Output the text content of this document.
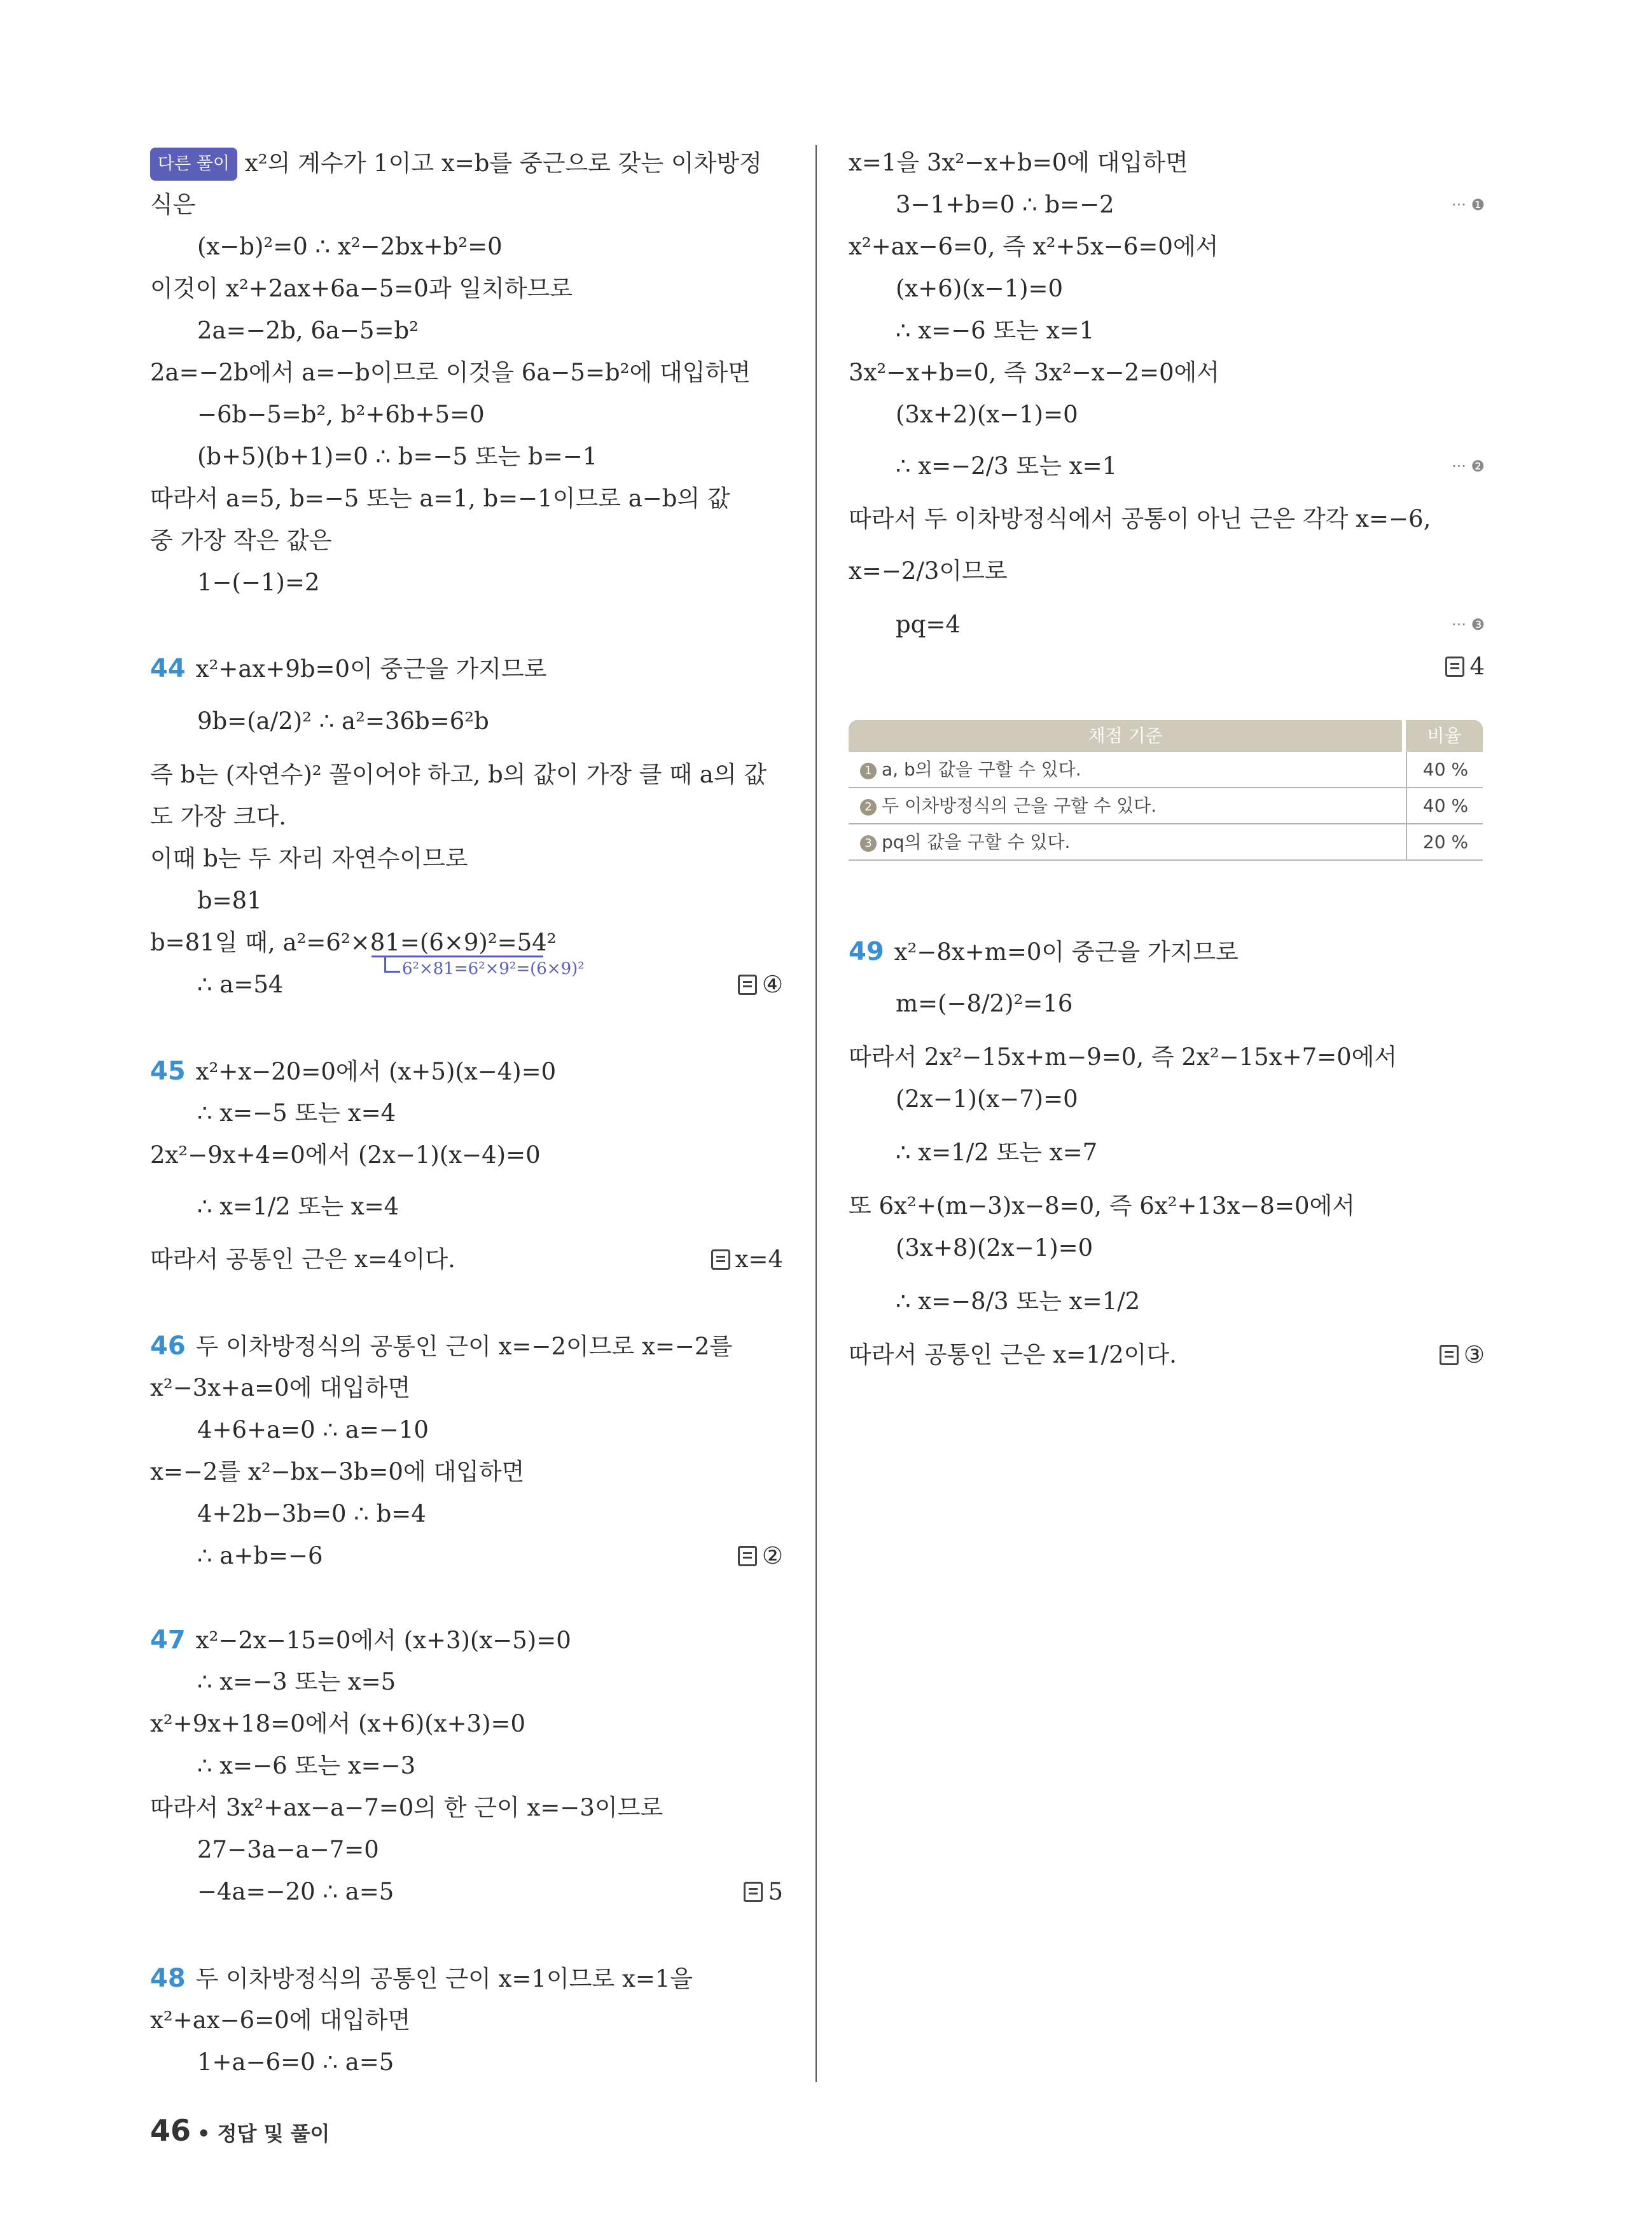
다른 풀이 x²의 계수가 1이고 x=b를 중근으로 갖는 이차방정
식은
(x−b)²=0 ∴ x²−2bx+b²=0
이것이 x²+2ax+6a−5=0과 일치하므로
2a=−2b, 6a−5=b²
2a=−2b에서 a=−b이므로 이것을 6a−5=b²에 대입하면
−6b−5=b², b²+6b+5=0
(b+5)(b+1)=0 ∴ b=−5 또는 b=−1
따라서 a=5, b=−5 또는 a=1, b=−1이므로 a−b의 값
중 가장 작은 값은
1−(−1)=2
44 x²+ax+9b=0이 중근을 가지므로
9b=(a/2)² ∴ a²=36b=6²b
즉 b는 (자연수)² 꼴이어야 하고, b의 값이 가장 클 때 a의 값
도 가장 크다.
이때 b는 두 자리 자연수이므로
b=81
b=81일 때, a²=6²×81=(6×9)²=54²
6²×81=6²×9²=(6×9)²
∴ a=54	④
45 x²+x−20=0에서 (x+5)(x−4)=0
∴ x=−5 또는 x=4
2x²−9x+4=0에서 (2x−1)(x−4)=0
∴ x=1/2 또는 x=4
따라서 공통인 근은 x=4이다.	x=4
46 두 이차방정식의 공통인 근이 x=−2이므로 x=−2를
x²−3x+a=0에 대입하면
4+6+a=0 ∴ a=−10
x=−2를 x²−bx−3b=0에 대입하면
4+2b−3b=0 ∴ b=4
∴ a+b=−6	②
47 x²−2x−15=0에서 (x+3)(x−5)=0
∴ x=−3 또는 x=5
x²+9x+18=0에서 (x+6)(x+3)=0
∴ x=−6 또는 x=−3
따라서 3x²+ax−a−7=0의 한 근이 x=−3이므로
27−3a−a−7=0
−4a=−20 ∴ a=5	5
48 두 이차방정식의 공통인 근이 x=1이므로 x=1을
x²+ax−6=0에 대입하면
1+a−6=0 ∴ a=5
x=1을 3x²−x+b=0에 대입하면
3−1+b=0 ∴ b=−2	··· ❶
x²+ax−6=0, 즉 x²+5x−6=0에서
(x+6)(x−1)=0
∴ x=−6 또는 x=1
3x²−x+b=0, 즉 3x²−x−2=0에서
(3x+2)(x−1)=0
∴ x=−2/3 또는 x=1	··· ❷
따라서 두 이차방정식에서 공통이 아닌 근은 각각 x=−6,
x=−2/3이므로
pq=4	··· ❸
4
채점 기준	비율
1 a, b의 값을 구할 수 있다.	40 %
2 두 이차방정식의 근을 구할 수 있다.	40 %
3 pq의 값을 구할 수 있다.	20 %
49 x²−8x+m=0이 중근을 가지므로
m=(−8/2)²=16
따라서 2x²−15x+m−9=0, 즉 2x²−15x+7=0에서
(2x−1)(x−7)=0
∴ x=1/2 또는 x=7
또 6x²+(m−3)x−8=0, 즉 6x²+13x−8=0에서
(3x+8)(2x−1)=0
∴ x=−8/3 또는 x=1/2
따라서 공통인 근은 x=1/2이다.	③
46 • 정답 및 풀이
